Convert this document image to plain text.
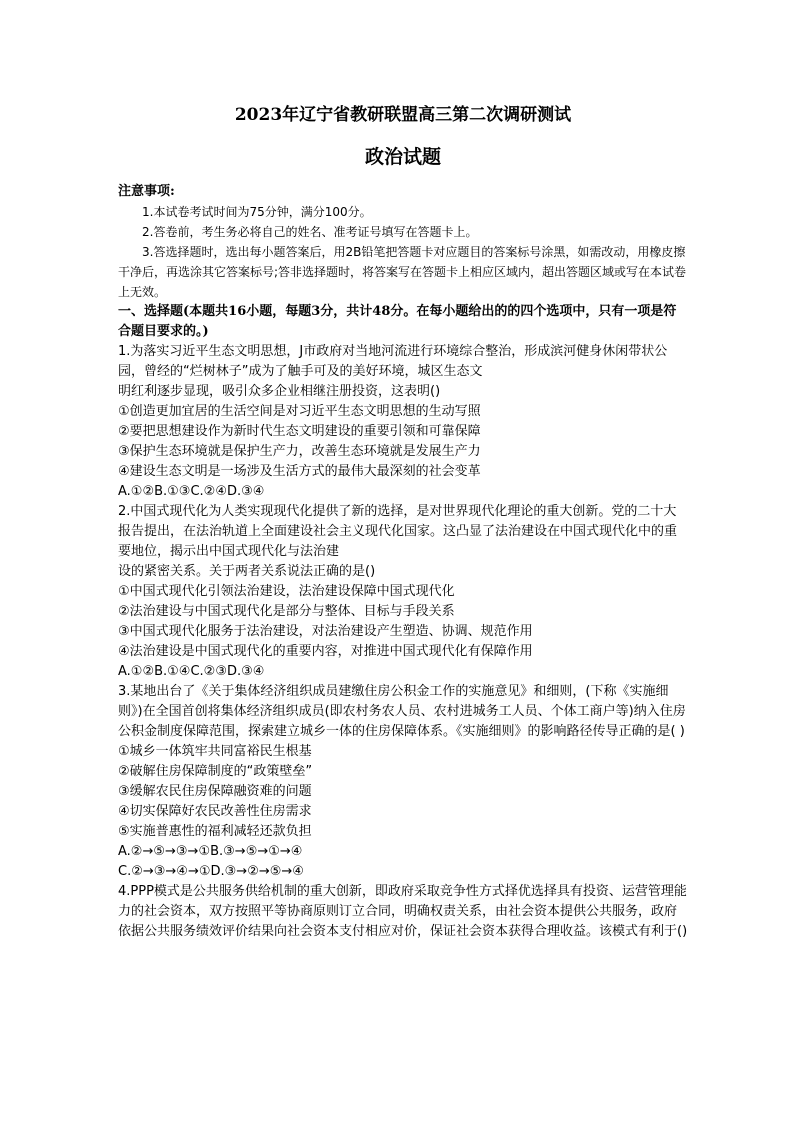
2023年辽宁省教研联盟高三第二次调研测试
政治试题

注意事项:

1.本试卷考试时间为75分钟，满分100分。

2.答卷前，考生务必将自己的姓名、准考证号填写在答题卡上。

3.答选择题时，选出每小题答案后，用2B铅笔把答题卡对应题目的答案标号涂黑，如需改动，用橡皮擦干净后，再选涂其它答案标号;答非选择题时，将答案写在答题卡上相应区域内，超出答题区域或写在本试卷上无效。

一、选择题(本题共16小题，每题3分，共计48分。在每小题给出的的四个选项中，只有一项是符合题目要求的。)

1.为落实习近平生态文明思想，J市政府对当地河流进行环境综合整治，形成滨河健身休闲带状公园，曾经的“烂树林子”成为了触手可及的美好环境，城区生态文

明红利逐步显现，吸引众多企业相继注册投资，这表明()

①创造更加宜居的生活空间是对习近平生态文明思想的生动写照

②要把思想建设作为新时代生态文明建设的重要引领和可靠保障

③保护生态环境就是保护生产力，改善生态环境就是发展生产力

④建设生态文明是一场涉及生活方式的最伟大最深刻的社会变革

A.①②B.①③C.②④D.③④

2.中国式现代化为人类实现现代化提供了新的选择，是对世界现代化理论的重大创新。党的二十大报告提出，在法治轨道上全面建设社会主义现代化国家。这凸显了法治建设在中国式现代化中的重要地位，揭示出中国式现代化与法治建

设的紧密关系。关于两者关系说法正确的是()

①中国式现代化引领法治建设，法治建设保障中国式现代化

②法治建设与中国式现代化是部分与整体、目标与手段关系

③中国式现代化服务于法治建设，对法治建设产生塑造、协调、规范作用

④法治建设是中国式现代化的重要内容，对推进中国式现代化有保障作用

A.①②B.①④C.②③D.③④

3.某地出台了《关于集体经济组织成员建缴住房公积金工作的实施意见》和细则，(下称《实施细则》)在全国首创将集体经济组织成员(即农村务农人员、农村进城务工人员、个体工商户等)纳入住房公积金制度保障范围，探索建立城乡一体的住房保障体系。《实施细则》的影响路径传导正确的是( )

①城乡一体筑牢共同富裕民生根基

②破解住房保障制度的“政策壁垒”

③缓解农民住房保障融资难的问题

④切实保障好农民改善性住房需求

⑤实施普惠性的福利减轻还款负担

A.②→⑤→③→①B.③→⑤→①→④

C.②→③→④→①D.③→②→⑤→④

4.PPP模式是公共服务供给机制的重大创新，即政府采取竞争性方式择优选择具有投资、运营管理能力的社会资本，双方按照平等协商原则订立合同，明确权责关系，由社会资本提供公共服务，政府依据公共服务绩效评价结果向社会资本支付相应对价，保证社会资本获得合理收益。该模式有利于()
